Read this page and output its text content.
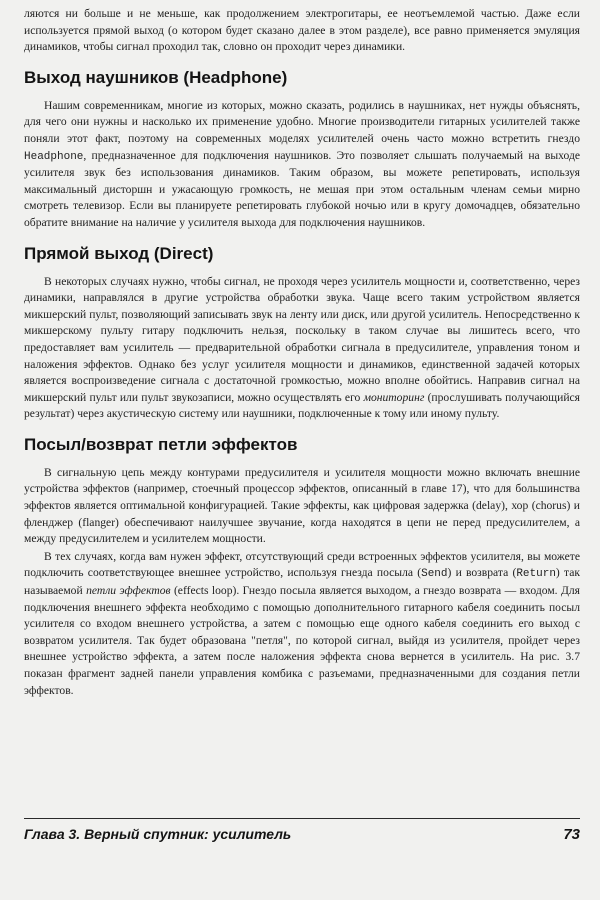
ляются ни больше и не меньше, как продолжением электрогитары, ее неотъемлемой частью. Даже если используется прямой выход (о котором будет сказано далее в этом разделе), все равно применяется эмуляция динамиков, чтобы сигнал проходил так, словно он проходит через динамики.

Выход наушников (Headphone)

Нашим современникам, многие из которых, можно сказать, родились в наушниках, нет нужды объяснять, для чего они нужны и насколько их применение удобно. Многие производители гитарных усилителей также поняли этот факт, поэтому на современных моделях усилителей очень часто можно встретить гнездо Headphone, предназначенное для подключения наушников. Это позволяет слышать получаемый на выходе усилителя звук без использования динамиков. Таким образом, вы можете репетировать, используя максимальный дисторшн и ужасающую громкость, не мешая при этом остальным членам семьи мирно смотреть телевизор. Если вы планируете репетировать глубокой ночью или в кругу домочадцев, обязательно обратите внимание на наличие у усилителя выхода для подключения наушников.

Прямой выход (Direct)

В некоторых случаях нужно, чтобы сигнал, не проходя через усилитель мощности и, соответственно, через динамики, направлялся в другие устройства обработки звука. Чаще всего таким устройством является микшерский пульт, позволяющий записывать звук на ленту или диск, или другой усилитель. Непосредственно к микшерскому пульту гитару подключить нельзя, поскольку в таком случае вы лишитесь всего, что предоставляет вам усилитель — предварительной обработки сигнала в предусилителе, управления тоном и наложения эффектов. Однако без услуг усилителя мощности и динамиков, единственной задачей которых является воспроизведение сигнала с достаточной громкостью, можно вполне обойтись. Направив сигнал на микшерский пульт или пульт звукозаписи, можно осуществлять его мониторинг (прослушивать получающийся результат) через акустическую систему или наушники, подключенные к тому или иному пульту.

Посыл/возврат петли эффектов

В сигнальную цепь между контурами предусилителя и усилителя мощности можно включать внешние устройства эффектов (например, стоечный процессор эффектов, описанный в главе 17), что для большинства эффектов является оптимальной конфигурацией. Такие эффекты, как цифровая задержка (delay), хор (chorus) и фленджер (flanger) обеспечивают наилучшее звучание, когда находятся в цепи не перед предусилителем, а между предусилителем и усилителем мощности.

В тех случаях, когда вам нужен эффект, отсутствующий среди встроенных эффектов усилителя, вы можете подключить соответствующее внешнее устройство, используя гнезда посыла (Send) и возврата (Return) так называемой петли эффектов (effects loop). Гнездо посыла является выходом, а гнездо возврата — входом. Для подключения внешнего эффекта необходимо с помощью дополнительного гитарного кабеля соединить посыл усилителя со входом внешнего устройства, а затем с помощью еще одного кабеля соединить его выход с возвратом усилителя. Так будет образована "петля", по которой сигнал, выйдя из усилителя, пройдет через внешнее устройство эффекта, а затем после наложения эффекта снова вернется в усилитель. На рис. 3.7 показан фрагмент задней панели управления комбика с разъемами, предназначенными для создания петли эффектов.

Глава 3. Верный спутник: усилитель	73
